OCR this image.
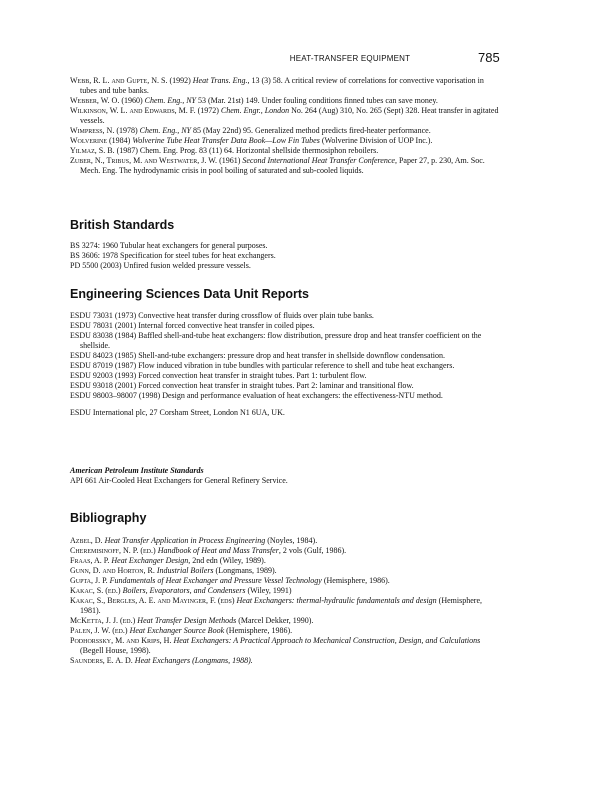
HEAT-TRANSFER EQUIPMENT	785

Webb, R. L. and Gupte, N. S. (1992) Heat Trans. Eng., 13 (3) 58. A critical review of correlations for convective vaporisation in tubes and tube banks.

Webber, W. O. (1960) Chem. Eng., NY 53 (Mar. 21st) 149. Under fouling conditions finned tubes can save money.

Wilkinson, W. L. and Edwards, M. F. (1972) Chem. Engr., London No. 264 (Aug) 310, No. 265 (Sept) 328. Heat transfer in agitated vessels.

Wimpress, N. (1978) Chem. Eng., NY 85 (May 22nd) 95. Generalized method predicts fired-heater performance.

Wolverine (1984) Wolverine Tube Heat Transfer Data Book—Low Fin Tubes (Wolverine Division of UOP Inc.).

Yilmaz, S. B. (1987) Chem. Eng. Prog. 83 (11) 64. Horizontal shellside thermosiphon reboilers.

Zuber, N., Tribus, M. and Westwater, J. W. (1961) Second International Heat Transfer Conference, Paper 27, p. 230, Am. Soc. Mech. Eng. The hydrodynamic crisis in pool boiling of saturated and sub-cooled liquids.

British Standards

BS 3274: 1960 Tubular heat exchangers for general purposes.

BS 3606: 1978 Specification for steel tubes for heat exchangers.

PD 5500 (2003) Unfired fusion welded pressure vessels.

Engineering Sciences Data Unit Reports

ESDU 73031 (1973) Convective heat transfer during crossflow of fluids over plain tube banks.

ESDU 78031 (2001) Internal forced convective heat transfer in coiled pipes.

ESDU 83038 (1984) Baffled shell-and-tube heat exchangers: flow distribution, pressure drop and heat transfer coefficient on the shellside.

ESDU 84023 (1985) Shell-and-tube exchangers: pressure drop and heat transfer in shellside downflow condensation.

ESDU 87019 (1987) Flow induced vibration in tube bundles with particular reference to shell and tube heat exchangers.

ESDU 92003 (1993) Forced convection heat transfer in straight tubes. Part 1: turbulent flow.

ESDU 93018 (2001) Forced convection heat transfer in straight tubes. Part 2: laminar and transitional flow.

ESDU 98003–98007 (1998) Design and performance evaluation of heat exchangers: the effectiveness-NTU method.

ESDU International plc, 27 Corsham Street, London N1 6UA, UK.

American Petroleum Institute Standards

API 661 Air-Cooled Heat Exchangers for General Refinery Service.

Bibliography

Azbel, D. Heat Transfer Application in Process Engineering (Noyles, 1984).

Cheremisinoff, N. P. (ed.) Handbook of Heat and Mass Transfer, 2 vols (Gulf, 1986).

Fraas, A. P. Heat Exchanger Design, 2nd edn (Wiley, 1989).

Gunn, D. and Horton, R. Industrial Boilers (Longmans, 1989).

Gupta, J. P. Fundamentals of Heat Exchanger and Pressure Vessel Technology (Hemisphere, 1986).

Kakac, S. (ed.) Boilers, Evaporators, and Condensers (Wiley, 1991)

Kakac, S., Bergles, A. E. and Mayinger, F. (eds) Heat Exchangers: thermal-hydraulic fundamentals and design (Hemisphere, 1981).

McKetta, J. J. (ed.) Heat Transfer Design Methods (Marcel Dekker, 1990).

Palen, J. W. (ed.) Heat Exchanger Source Book (Hemisphere, 1986).

Podhorssky, M. and Krips, H. Heat Exchangers: A Practical Approach to Mechanical Construction, Design, and Calculations (Begell House, 1998).

Saunders, E. A. D. Heat Exchangers (Longmans, 1988).
